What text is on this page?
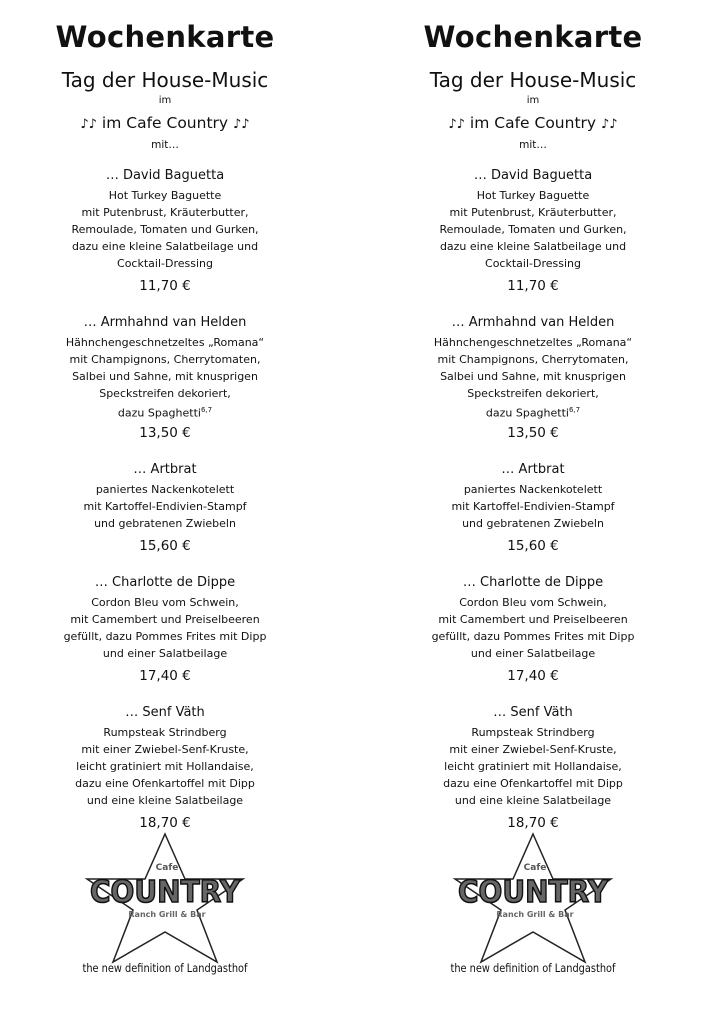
Wochenkarte
Tag der House-Music
im
♪♪ im Cafe Country ♪♪
mit…
… David Baguetta
Hot Turkey Baguette
mit Putenbrust, Kräuterbutter,
Remoulade, Tomaten und Gurken,
dazu eine kleine Salatbeilage und
Cocktail-Dressing
11,70 €
… Armhahnd van Helden
Hähnchengeschnetzeltes „Romana“
mit Champignons, Cherrytomaten,
Salbei und Sahne, mit knusprigen
Speckstreifen dekoriert,
dazu Spaghetti$^{6,7}$
13,50 €
… Artbrat
paniertes Nackenkotelett
mit Kartoffel-Endivien-Stampf
und gebratenen Zwiebeln
15,60 €
… Charlotte de Dippe
Cordon Bleu vom Schwein,
mit Camembert und Preiselbeeren
gefüllt, dazu Pommes Frites mit Dipp
und einer Salatbeilage
17,40 €
… Senf Väth
Rumpsteak Strindberg
mit einer Zwiebel-Senf-Kruste,
leicht gratiniert mit Hollandaise,
dazu eine Ofenkartoffel mit Dipp
und eine kleine Salatbeilage
18,70 €
Cafe
COUNTRY
Ranch Grill & Bar
the new definition of Landgasthof
Wochenkarte
Tag der House-Music
im
♪♪ im Cafe Country ♪♪
mit…
… David Baguetta
Hot Turkey Baguette
mit Putenbrust, Kräuterbutter,
Remoulade, Tomaten und Gurken,
dazu eine kleine Salatbeilage und
Cocktail-Dressing
11,70 €
… Armhahnd van Helden
Hähnchengeschnetzeltes „Romana“
mit Champignons, Cherrytomaten,
Salbei und Sahne, mit knusprigen
Speckstreifen dekoriert,
dazu Spaghetti$^{6,7}$
13,50 €
… Artbrat
paniertes Nackenkotelett
mit Kartoffel-Endivien-Stampf
und gebratenen Zwiebeln
15,60 €
… Charlotte de Dippe
Cordon Bleu vom Schwein,
mit Camembert und Preiselbeeren
gefüllt, dazu Pommes Frites mit Dipp
und einer Salatbeilage
17,40 €
… Senf Väth
Rumpsteak Strindberg
mit einer Zwiebel-Senf-Kruste,
leicht gratiniert mit Hollandaise,
dazu eine Ofenkartoffel mit Dipp
und eine kleine Salatbeilage
18,70 €
Cafe
COUNTRY
Ranch Grill & Bar
the new definition of Landgasthof
